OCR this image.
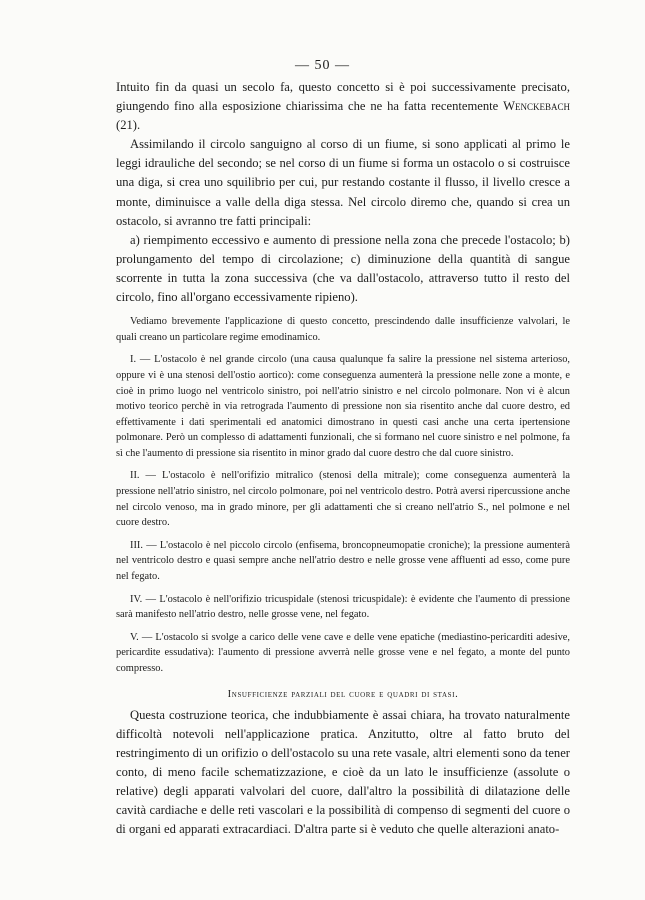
— 50 —

Intuito fin da quasi un secolo fa, questo concetto si è poi successivamente precisato, giungendo fino alla esposizione chiarissima che ne ha fatta recentemente Wenckebach (21).

Assimilando il circolo sanguigno al corso di un fiume, si sono applicati al primo le leggi idrauliche del secondo; se nel corso di un fiume si forma un ostacolo o si costruisce una diga, si crea uno squilibrio per cui, pur restando costante il flusso, il livello cresce a monte, diminuisce a valle della diga stessa. Nel circolo diremo che, quando si crea un ostacolo, si avranno tre fatti principali:

a) riempimento eccessivo e aumento di pressione nella zona che precede l'ostacolo; b) prolungamento del tempo di circolazione; c) diminuzione della quantità di sangue scorrente in tutta la zona successiva (che va dall'ostacolo, attraverso tutto il resto del circolo, fino all'organo eccessivamente ripieno).

Vediamo brevemente l'applicazione di questo concetto, prescindendo dalle insufficienze valvolari, le quali creano un particolare regime emodinamico.

I. — L'ostacolo è nel grande circolo (una causa qualunque fa salire la pressione nel sistema arterioso, oppure vi è una stenosi dell'ostio aortico): come conseguenza aumenterà la pressione nelle zone a monte, e cioè in primo luogo nel ventricolo sinistro, poi nell'atrio sinistro e nel circolo polmonare. Non vi è alcun motivo teorico perchè in via retrograda l'aumento di pressione non sia risentito anche dal cuore destro, ed effettivamente i dati sperimentali ed anatomici dimostrano in questi casi anche una certa ipertensione polmonare. Però un complesso di adattamenti funzionali, che si formano nel cuore sinistro e nel polmone, fa sì che l'aumento di pressione sia risentito in minor grado dal cuore destro che dal cuore sinistro.

II. — L'ostacolo è nell'orifizio mitralico (stenosi della mitrale); come conseguenza aumenterà la pressione nell'atrio sinistro, nel circolo polmonare, poi nel ventricolo destro. Potrà aversi ripercussione anche nel circolo venoso, ma in grado minore, per gli adattamenti che si creano nell'atrio S., nel polmone e nel cuore destro.

III. — L'ostacolo è nel piccolo circolo (enfisema, broncopneumopatie croniche); la pressione aumenterà nel ventricolo destro e quasi sempre anche nell'atrio destro e nelle grosse vene affluenti ad esso, come pure nel fegato.

IV. — L'ostacolo è nell'orifizio tricuspidale (stenosi tricuspidale): è evidente che l'aumento di pressione sarà manifesto nell'atrio destro, nelle grosse vene, nel fegato.

V. — L'ostacolo si svolge a carico delle vene cave e delle vene epatiche (mediastino-pericarditi adesive, pericardite essudativa): l'aumento di pressione avverrà nelle grosse vene e nel fegato, a monte del punto compresso.

Insufficienze parziali del cuore e quadri di stasi.

Questa costruzione teorica, che indubbiamente è assai chiara, ha trovato naturalmente difficoltà notevoli nell'applicazione pratica. Anzitutto, oltre al fatto bruto del restringimento di un orifizio o dell'ostacolo su una rete vasale, altri elementi sono da tener conto, di meno facile schematizzazione, e cioè da un lato le insufficienze (assolute o relative) degli apparati valvolari del cuore, dall'altro la possibilità di dilatazione delle cavità cardiache e delle reti vascolari e la possibilità di compenso di segmenti del cuore o di organi ed apparati extracardiaci. D'altra parte si è veduto che quelle alterazioni anato-
